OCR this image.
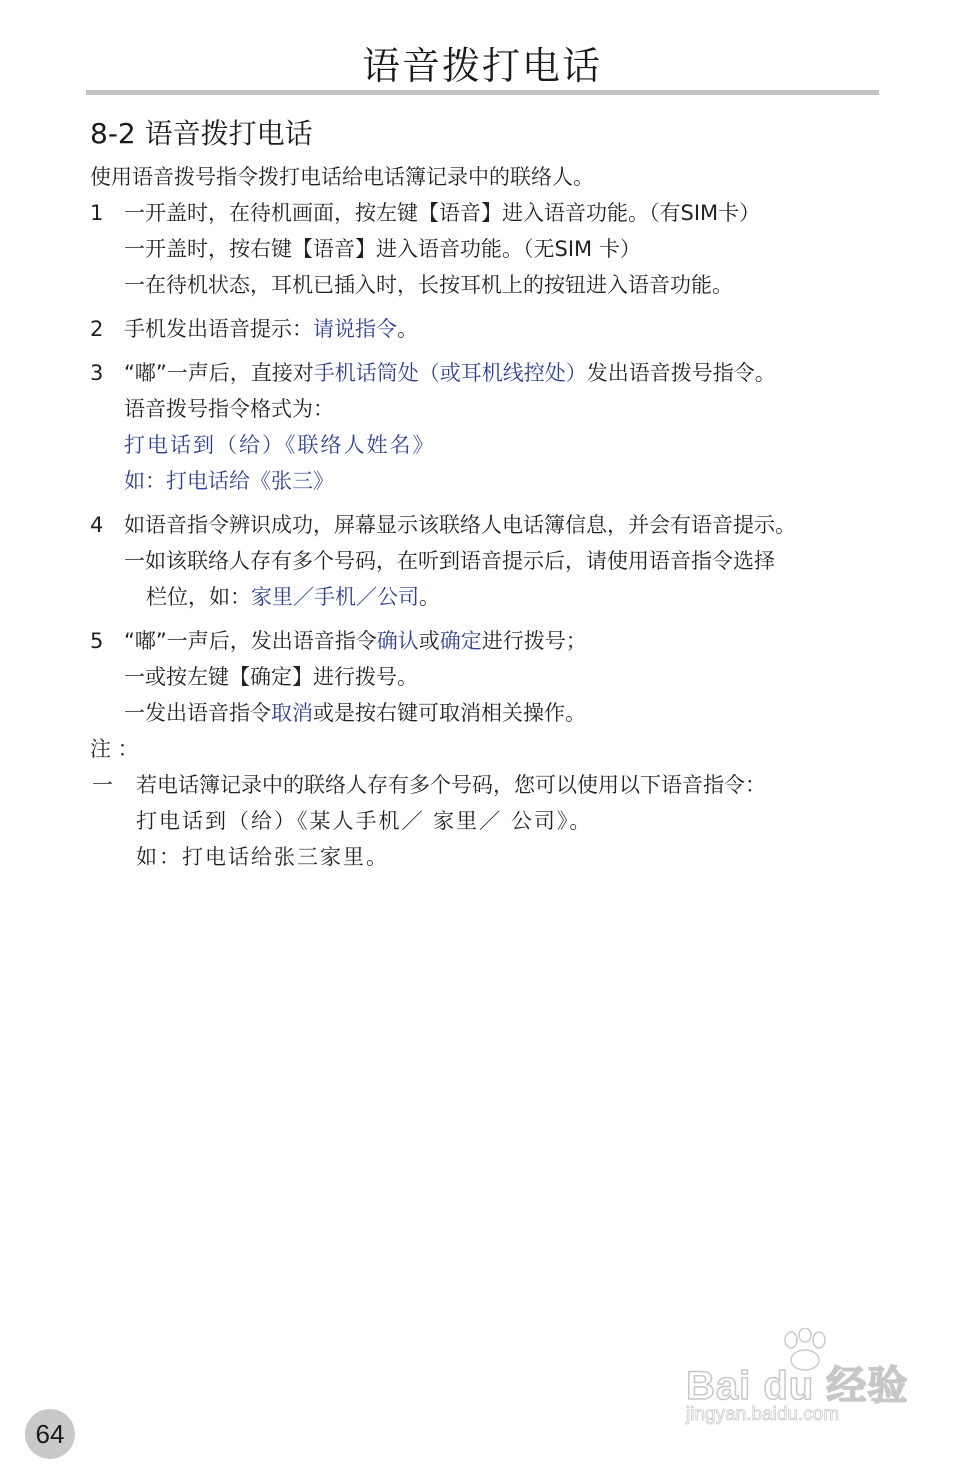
语音拨打电话
8-2 语音拨打电话
使用语音拨号指令拨打电话给电话簿记录中的联络人。
1 一开盖时，在待机画面，按左键【语音】进入语音功能。（有SIM卡）
一开盖时，按右键【语音】进入语音功能。（无SIM 卡）
一在待机状态，耳机已插入时，长按耳机上的按钮进入语音功能。
2 手机发出语音提示：请说指令。
3 “嘟”一声后，直接对手机话筒处（或耳机线控处）发出语音拨号指令。
语音拨号指令格式为：
打电话到（给）《联络人姓名》
如：打电话给《张三》
4 如语音指令辨识成功，屏幕显示该联络人电话簿信息，并会有语音提示。
一如该联络人存有多个号码，在听到语音提示后，请使用语音指令选择
栏位，如：家里／手机／公司。
5 “嘟”一声后，发出语音指令确认或确定进行拨号；
一或按左键【确定】进行拨号。
一发出语音指令取消或是按右键可取消相关操作。
注 ：
一 若电话簿记录中的联络人存有多个号码，您可以使用以下语音指令：
打电话到（给）《某人手机／ 家里／ 公司》。
如：打电话给张三家里。
64
Bai du 经验
jingyan.baidu.com
